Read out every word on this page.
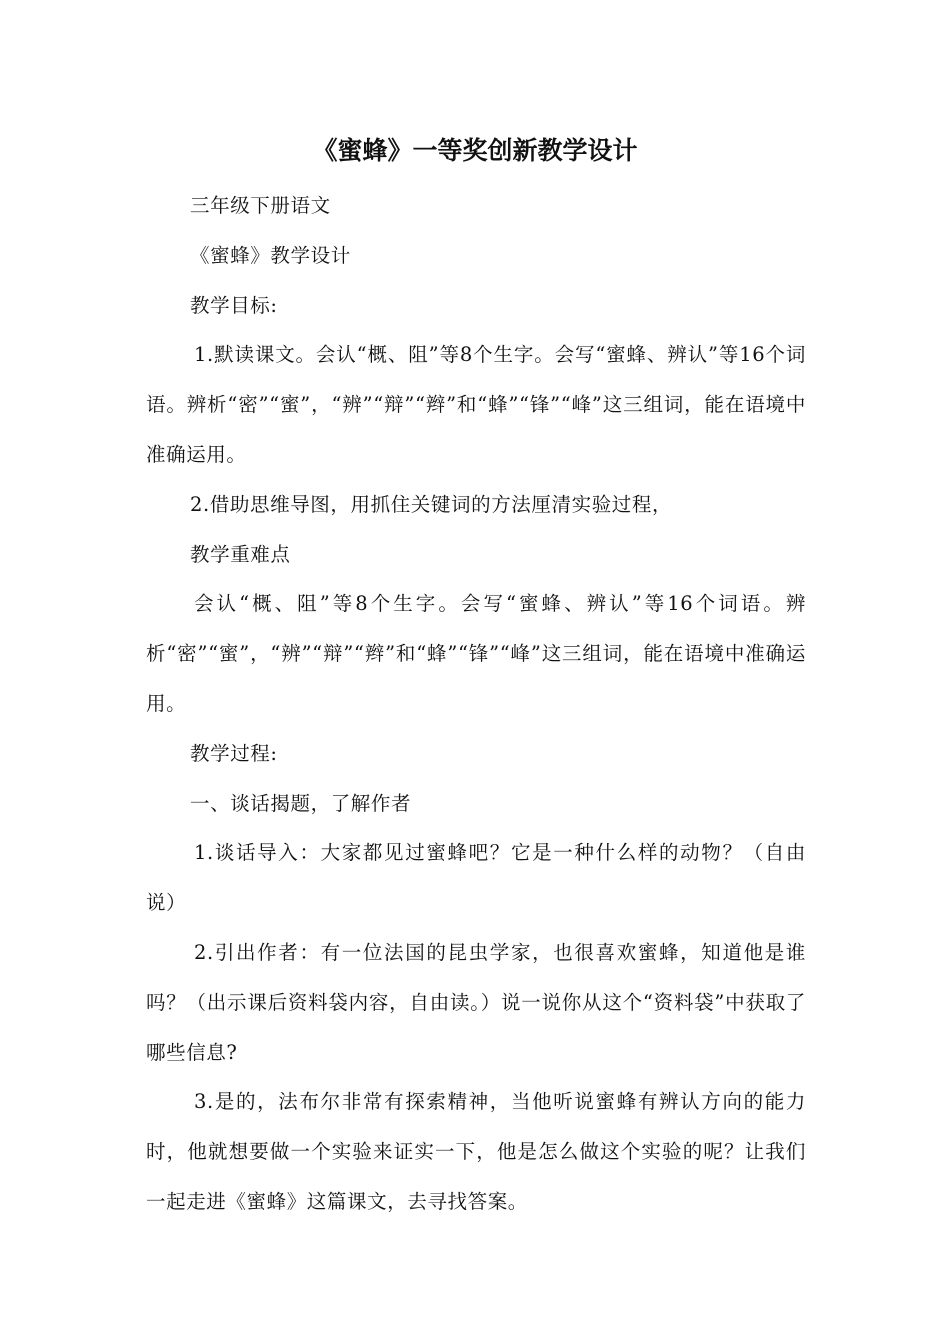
《蜜蜂》一等奖创新教学设计

三年级下册语文

《蜜蜂》教学设计

教学目标:

1.默读课文。会认“概、阻”等8个生字。会写“蜜蜂、辨认”等16个词语。辨析“密”“蜜”，“辨”“辩”“辫”和“蜂”“锋”“峰”这三组词，能在语境中准确运用。

2.借助思维导图，用抓住关键词的方法厘清实验过程，

教学重难点

会认“概、阻”等8个生字。会写“蜜蜂、辨认”等16个词语。辨析“密”“蜜”，“辨”“辩”“辫”和“蜂”“锋”“峰”这三组词，能在语境中准确运用。

教学过程:

一、谈话揭题，了解作者

1.谈话导入：大家都见过蜜蜂吧？它是一种什么样的动物？（自由说）

2.引出作者：有一位法国的昆虫学家，也很喜欢蜜蜂，知道他是谁吗？（出示课后资料袋内容，自由读。）说一说你从这个“资料袋”中获取了哪些信息?

3.是的，法布尔非常有探索精神，当他听说蜜蜂有辨认方向的能力时，他就想要做一个实验来证实一下，他是怎么做这个实验的呢？让我们一起走进《蜜蜂》这篇课文，去寻找答案。
